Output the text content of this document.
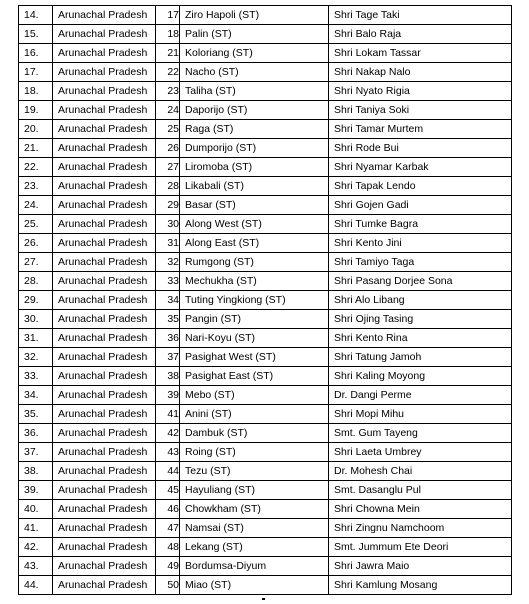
14.	Arunachal Pradesh	17	Ziro Hapoli (ST)	Shri Tage Taki
15.	Arunachal Pradesh	18	Palin (ST)	Shri Balo Raja
16.	Arunachal Pradesh	21	Koloriang (ST)	Shri Lokam Tassar
17.	Arunachal Pradesh	22	Nacho (ST)	Shri Nakap Nalo
18.	Arunachal Pradesh	23	Taliha (ST)	Shri Nyato Rigia
19.	Arunachal Pradesh	24	Daporijo (ST)	Shri Taniya Soki
20.	Arunachal Pradesh	25	Raga (ST)	Shri Tamar Murtem
21.	Arunachal Pradesh	26	Dumporijo (ST)	Shri Rode Bui
22.	Arunachal Pradesh	27	Liromoba (ST)	Shri Nyamar Karbak
23.	Arunachal Pradesh	28	Likabali (ST)	Shri Tapak Lendo
24.	Arunachal Pradesh	29	Basar (ST)	Shri Gojen Gadi
25.	Arunachal Pradesh	30	Along West (ST)	Shri Tumke Bagra
26.	Arunachal Pradesh	31	Along East (ST)	Shri Kento Jini
27.	Arunachal Pradesh	32	Rumgong (ST)	Shri Tamiyo Taga
28.	Arunachal Pradesh	33	Mechukha (ST)	Shri Pasang Dorjee Sona
29.	Arunachal Pradesh	34	Tuting Yingkiong (ST)	Shri Alo Libang
30.	Arunachal Pradesh	35	Pangin (ST)	Shri Ojing Tasing
31.	Arunachal Pradesh	36	Nari-Koyu (ST)	Shri Kento Rina
32.	Arunachal Pradesh	37	Pasighat West (ST)	Shri Tatung Jamoh
33.	Arunachal Pradesh	38	Pasighat East (ST)	Shri Kaling Moyong
34.	Arunachal Pradesh	39	Mebo (ST)	Dr. Dangi Perme
35.	Arunachal Pradesh	41	Anini (ST)	Shri Mopi Mihu
36.	Arunachal Pradesh	42	Dambuk (ST)	Smt. Gum Tayeng
37.	Arunachal Pradesh	43	Roing (ST)	Shri Laeta Umbrey
38.	Arunachal Pradesh	44	Tezu (ST)	Dr. Mohesh Chai
39.	Arunachal Pradesh	45	Hayuliang (ST)	Smt. Dasanglu Pul
40.	Arunachal Pradesh	46	Chowkham (ST)	Shri Chowna Mein
41.	Arunachal Pradesh	47	Namsai (ST)	Shri Zingnu Namchoom
42.	Arunachal Pradesh	48	Lekang (ST)	Smt. Jummum Ete Deori
43.	Arunachal Pradesh	49	Bordumsa-Diyum	Shri Jawra Maio
44.	Arunachal Pradesh	50	Miao (ST)	Shri Kamlung Mosang
